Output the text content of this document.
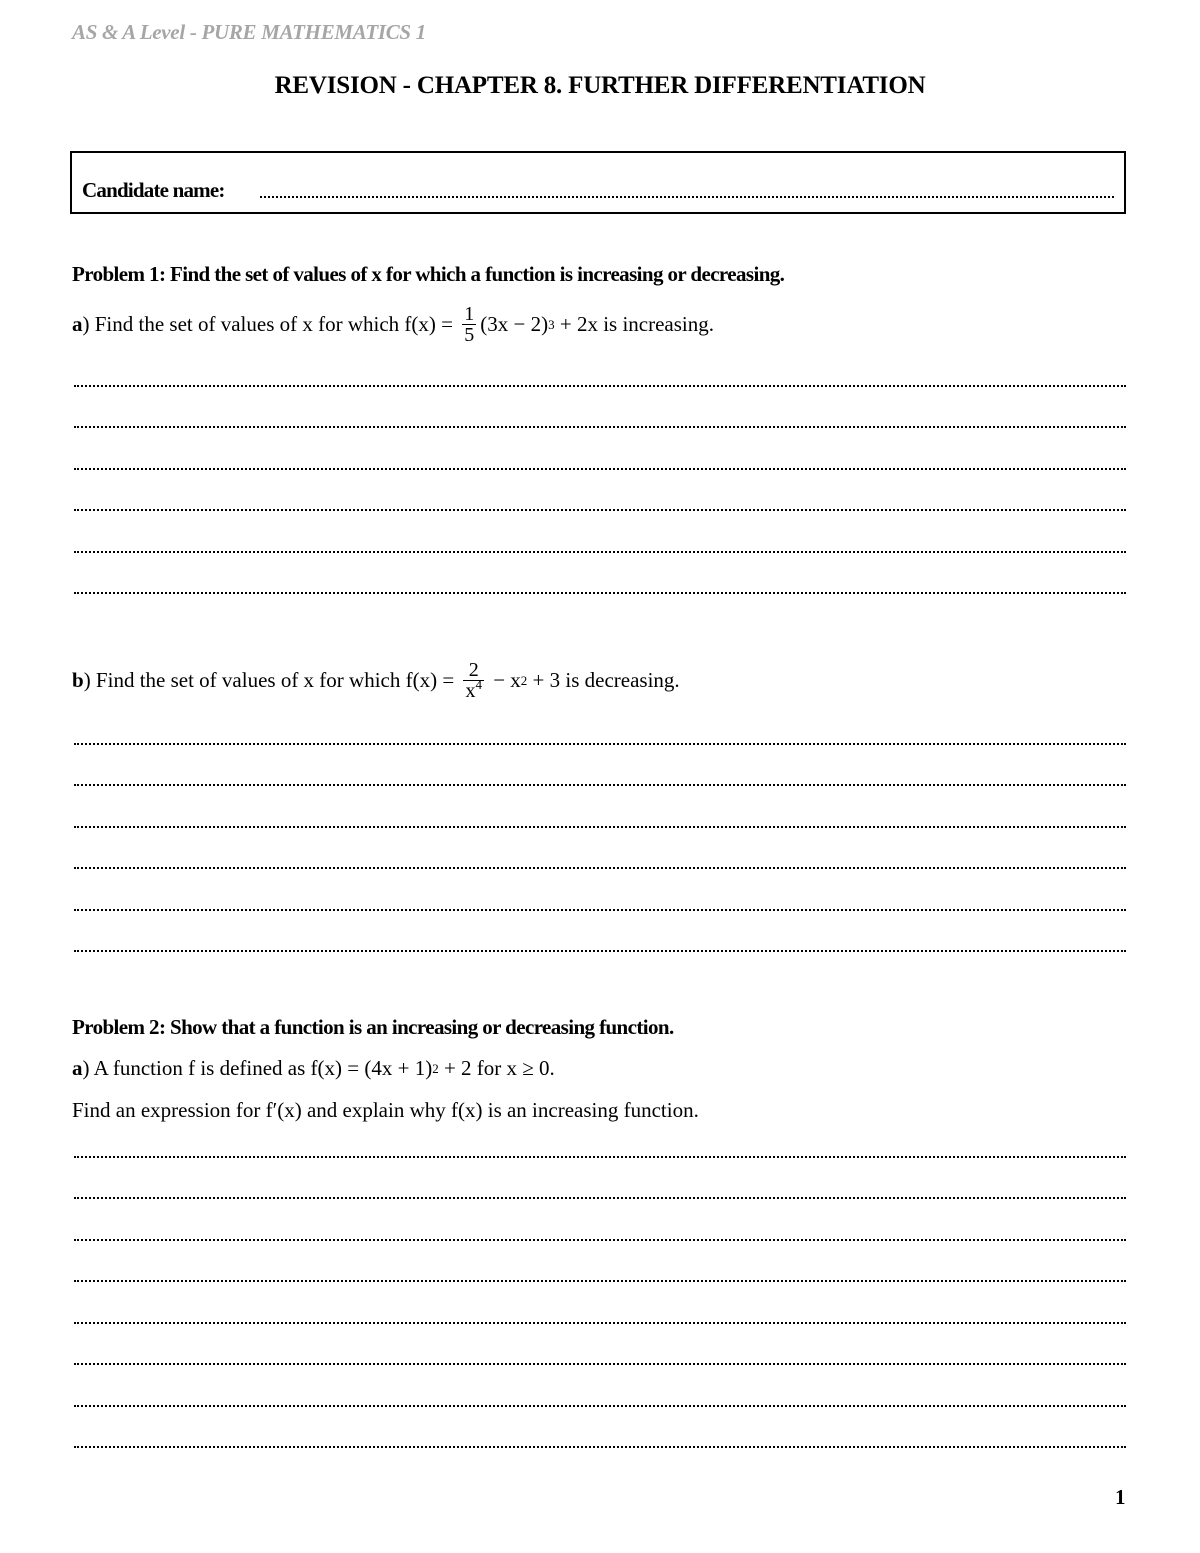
AS & A Level - PURE MATHEMATICS 1
REVISION - CHAPTER 8. FURTHER DIFFERENTIATION
Candidate name:
Problem 1: Find the set of values of x for which a function is increasing or decreasing.
a ) Find the set of values of x for which $f(x) = \frac{1}{5} (3x - 2) 3 + 2x$ is increasing.
b ) Find the set of values of x for which $f(x) = \frac{2}{x^4} - x$ 2 + 3 is decreasing.
Problem 2: Show that a function is an increasing or decreasing function.
a ) A function f is defined as f(x) = (4x + 1) 2 + 2 for x ≥ 0.
Find an expression for f′(x) and explain why f(x) is an increasing function.
1
